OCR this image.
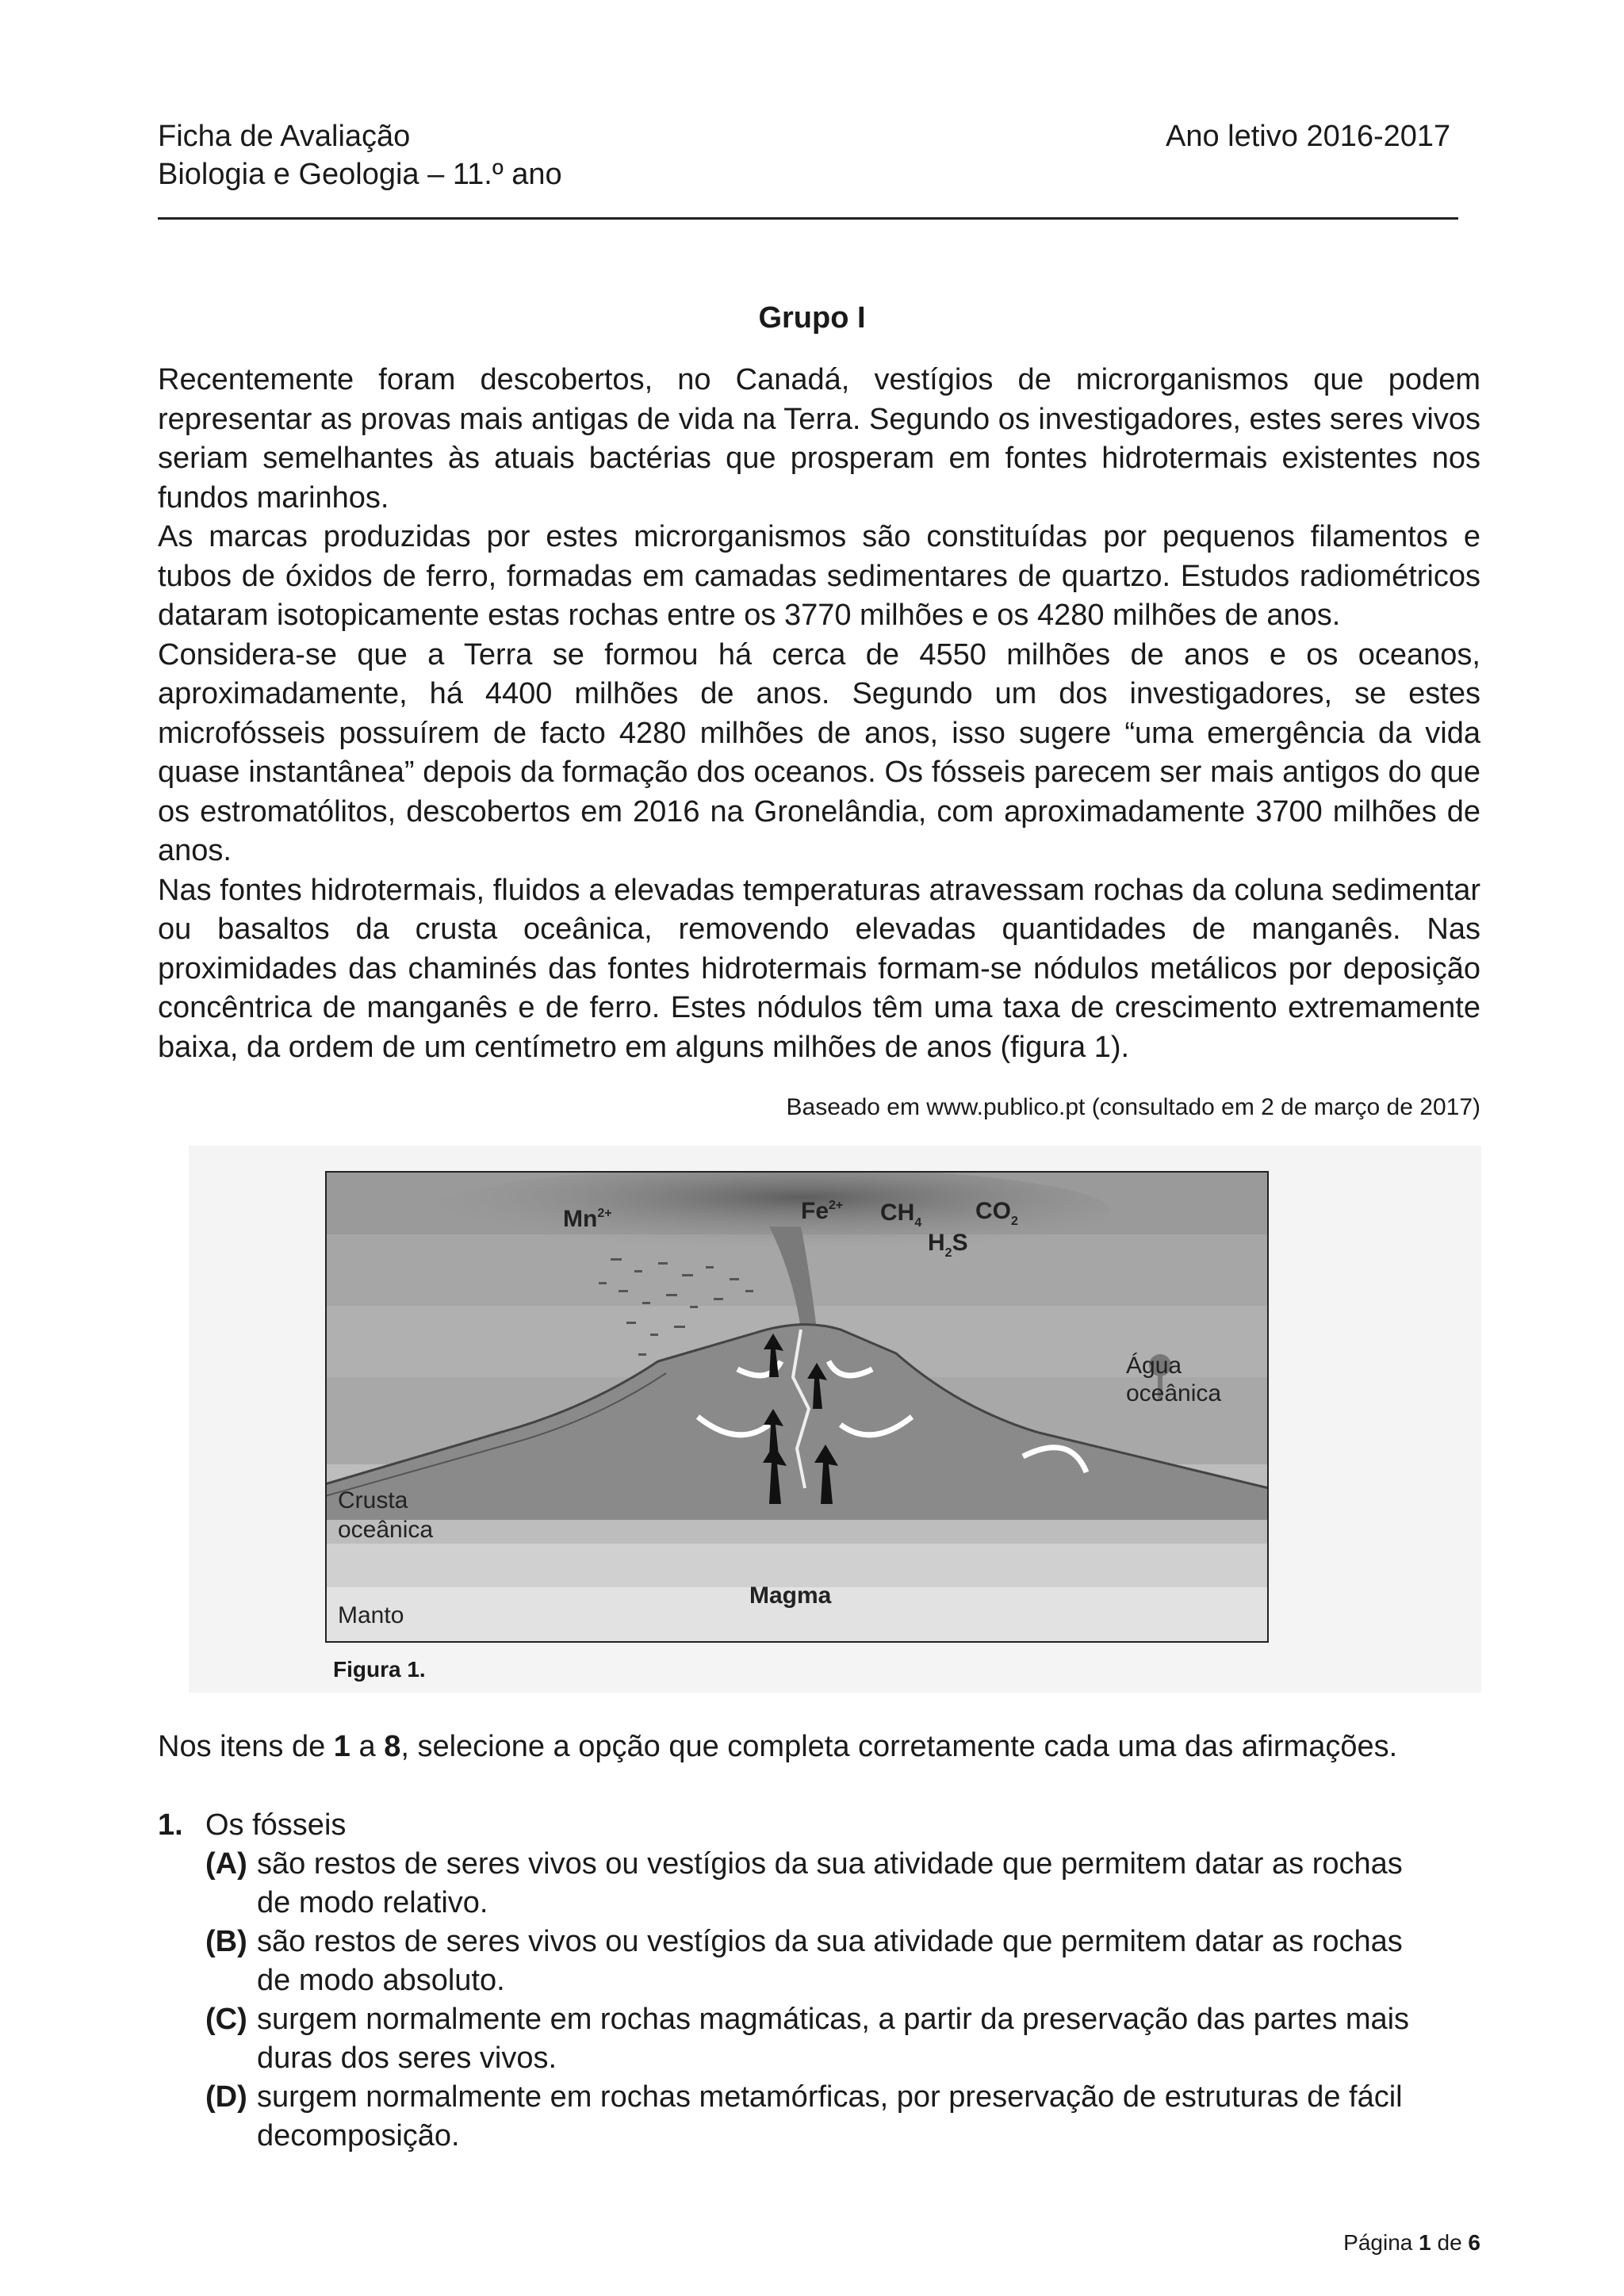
Ficha de Avaliação
Biologia e Geologia – 11.º ano
Ano letivo 2016-2017
Grupo I

Recentemente foram descobertos, no Canadá, vestígios de microrganismos que podem representar as provas mais antigas de vida na Terra. Segundo os investigadores, estes seres vivos seriam semelhantes às atuais bactérias que prosperam em fontes hidrotermais existentes nos fundos marinhos.

As marcas produzidas por estes microrganismos são constituídas por pequenos filamentos e tubos de óxidos de ferro, formadas em camadas sedimentares de quartzo. Estudos radiométricos dataram isotopicamente estas rochas entre os 3770 milhões e os 4280 milhões de anos.

Considera-se que a Terra se formou há cerca de 4550 milhões de anos e os oceanos, aproximadamente, há 4400 milhões de anos. Segundo um dos investigadores, se estes microfósseis possuírem de facto 4280 milhões de anos, isso sugere “uma emergência da vida quase instantânea” depois da formação dos oceanos. Os fósseis parecem ser mais antigos do que os estromatólitos, descobertos em 2016 na Gronelândia, com aproximadamente 3700 milhões de anos.

Nas fontes hidrotermais, fluidos a elevadas temperaturas atravessam rochas da coluna sedimentar ou basaltos da crusta oceânica, removendo elevadas quantidades de manganês. Nas proximidades das chaminés das fontes hidrotermais formam-se nódulos metálicos por deposição concêntrica de manganês e de ferro. Estes nódulos têm uma taxa de crescimento extremamente baixa, da ordem de um centímetro em alguns milhões de anos (figura 1).

Baseado em www.publico.pt (consultado em 2 de março de 2017)
$Mn^{2+}$	$Fe^{2+}$ $CH_4$ $CO_2$
$H_2S$
Água
oceânica
Crusta
oceânica
Manto
Magma
Figura 1.
Nos itens de 1 a 8, selecione a opção que completa corretamente cada uma das afirmações.
1. Os fósseis
(A) são restos de seres vivos ou vestígios da sua atividade que permitem datar as rochas de modo relativo.
(B) são restos de seres vivos ou vestígios da sua atividade que permitem datar as rochas de modo absoluto.
(C) surgem normalmente em rochas magmáticas, a partir da preservação das partes mais duras dos seres vivos.
(D) surgem normalmente em rochas metamórficas, por preservação de estruturas de fácil decomposição.
Página 1 de 6
